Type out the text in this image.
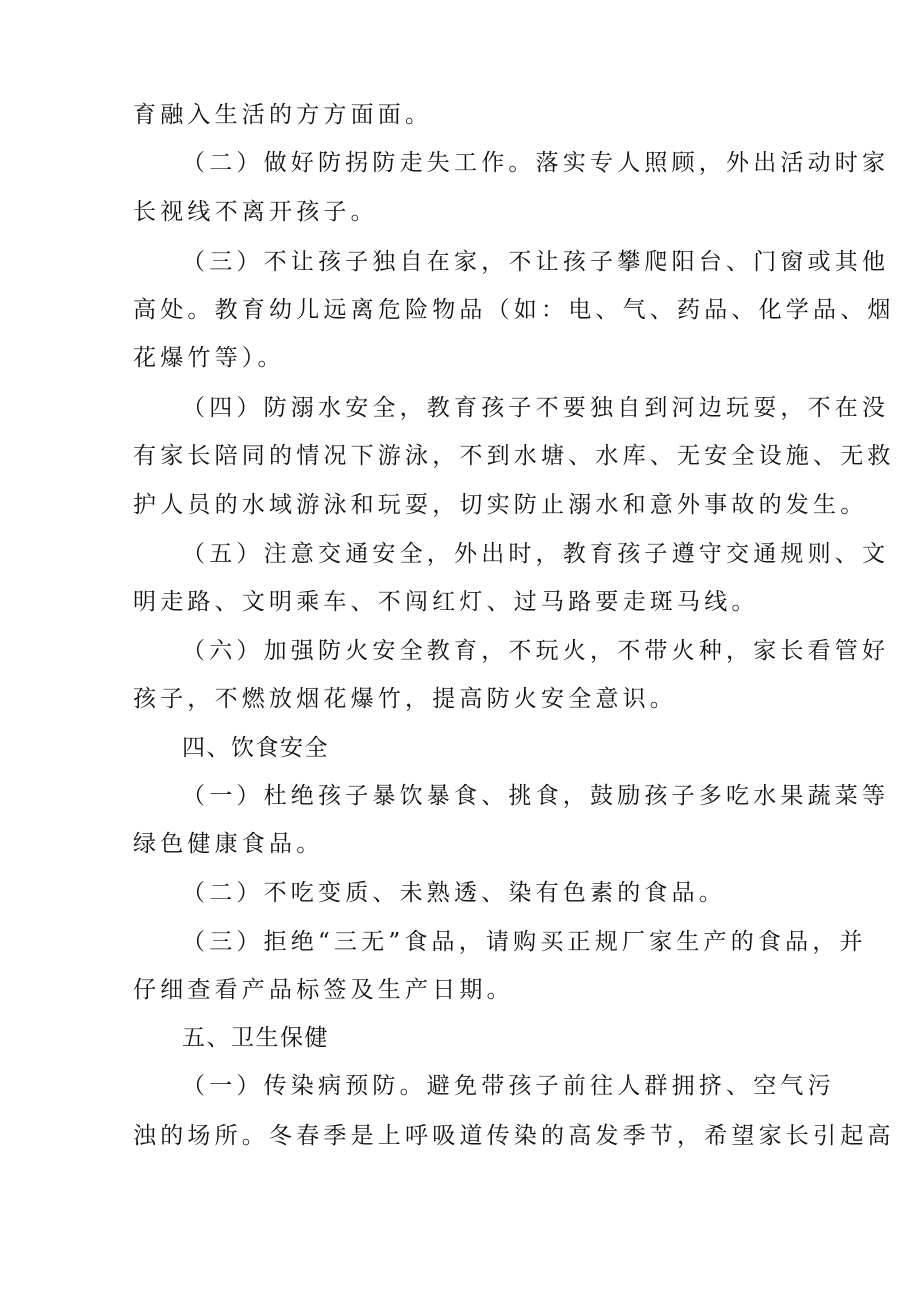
育融入生活的方方面面。
（二）做好防拐防走失工作。落实专人照顾，外出活动时家
长视线不离开孩子。
（三）不让孩子独自在家，不让孩子攀爬阳台、门窗或其他
高处。教育幼儿远离危险物品（如：电、气、药品、化学品、烟
花爆竹等）。
（四）防溺水安全，教育孩子不要独自到河边玩耍，不在没
有家长陪同的情况下游泳，不到水塘、水库、无安全设施、无救
护人员的水域游泳和玩耍，切实防止溺水和意外事故的发生。
（五）注意交通安全，外出时，教育孩子遵守交通规则、文
明走路、文明乘车、不闯红灯、过马路要走斑马线。
（六）加强防火安全教育，不玩火，不带火种，家长看管好
孩子，不燃放烟花爆竹，提高防火安全意识。
四、饮食安全
（一）杜绝孩子暴饮暴食、挑食，鼓励孩子多吃水果蔬菜等
绿色健康食品。
（二）不吃变质、未熟透、染有色素的食品。
（三）拒绝“三无”食品，请购买正规厂家生产的食品，并
仔细查看产品标签及生产日期。
五、卫生保健
（一）传染病预防。避免带孩子前往人群拥挤、空气污
浊的场所。冬春季是上呼吸道传染的高发季节，希望家长引起高
